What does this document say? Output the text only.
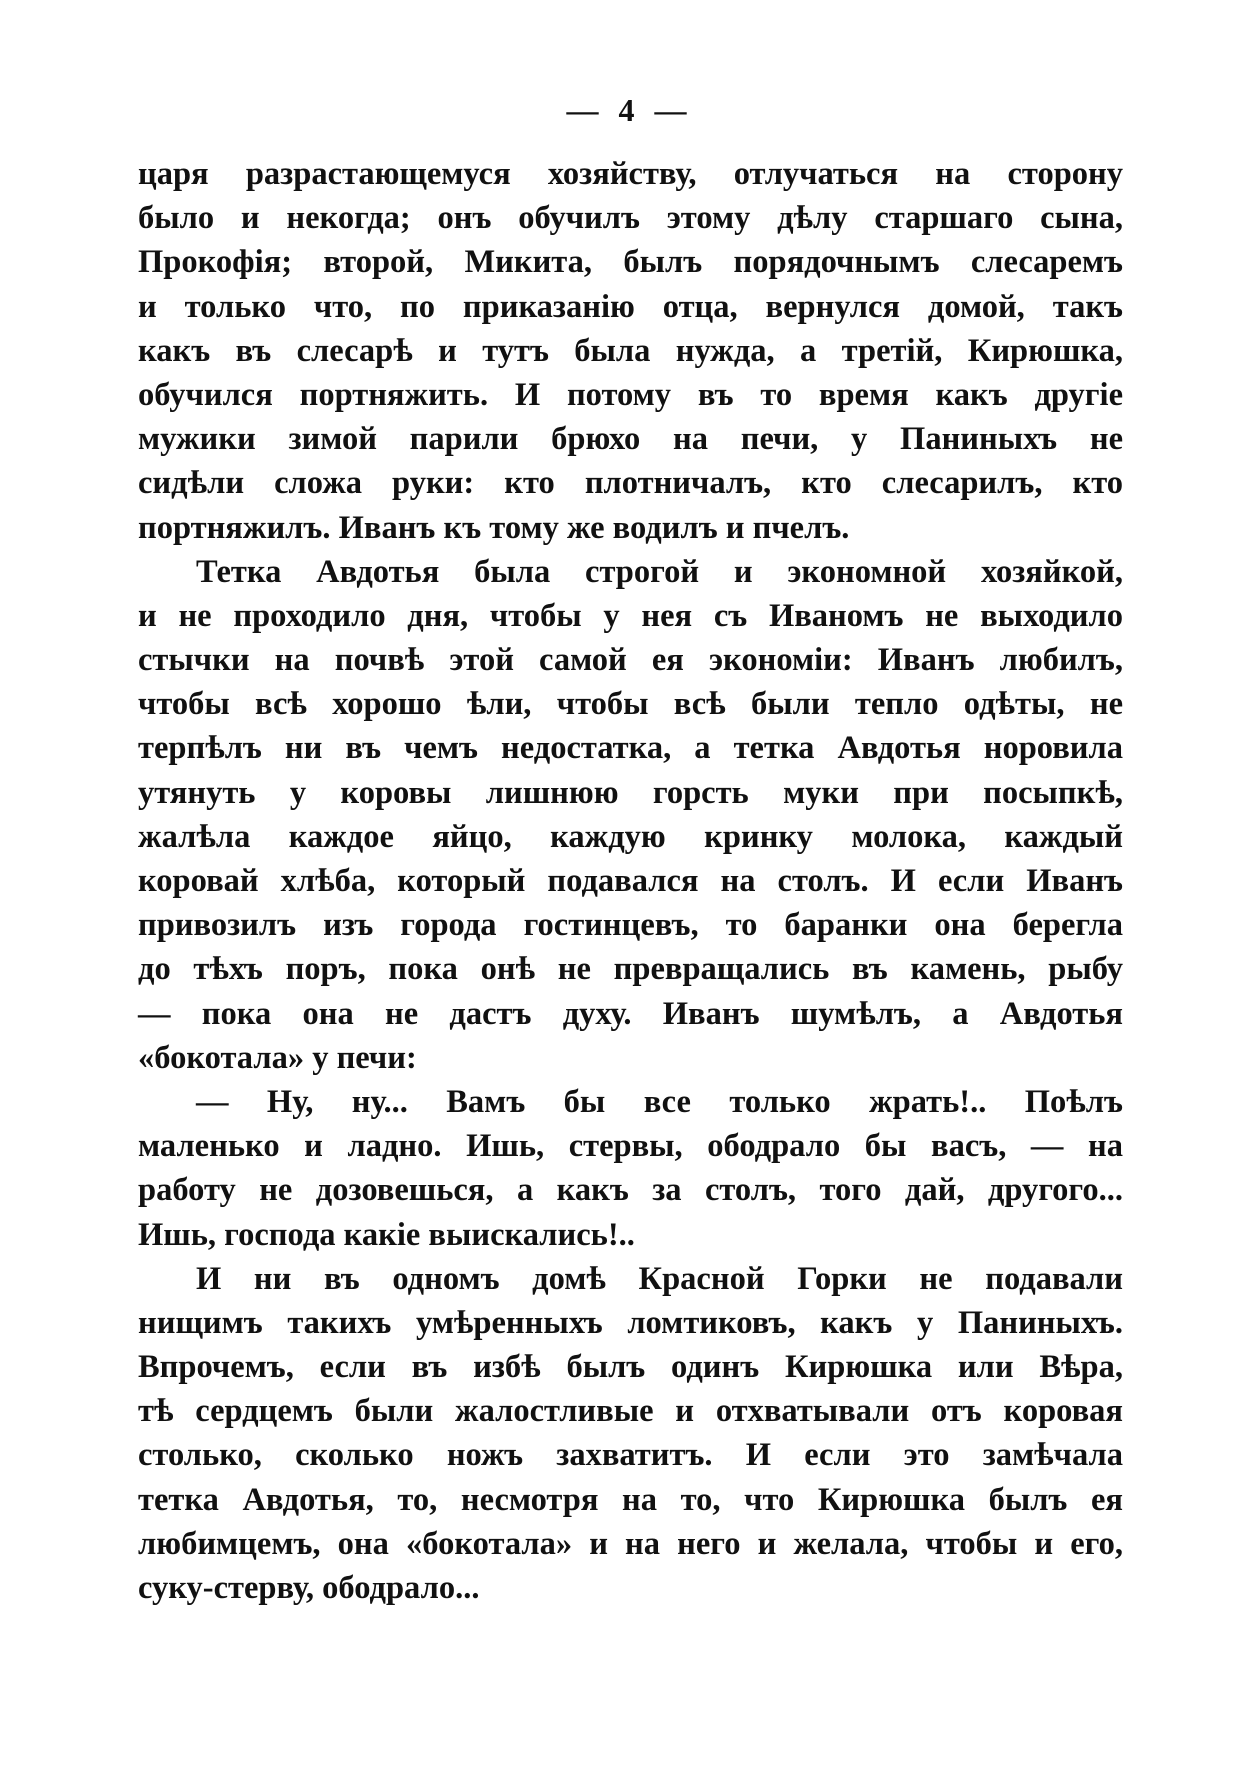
— 4 —
царя разрастающемуся хозяйству, отлучаться на сторону
было и некогда; онъ обучилъ этому дѣлу старшаго сына,
Прокофія; второй, Микита, былъ порядочнымъ слесаремъ
и только что, по приказанію отца, вернулся домой, такъ
какъ въ слесарѣ и тутъ была нужда, а третій, Кирюшка,
обучился портняжить. И потому въ то время какъ другіе
мужики зимой парили брюхо на печи, у Паниныхъ не
сидѣли сложа руки: кто плотничалъ, кто слесарилъ, кто
портняжилъ. Иванъ къ тому же водилъ и пчелъ.
Тетка Авдотья была строгой и экономной хозяйкой,
и не проходило дня, чтобы у нея съ Иваномъ не выходило
стычки на почвѣ этой самой ея экономіи: Иванъ любилъ,
чтобы всѣ хорошо ѣли, чтобы всѣ были тепло одѣты, не
терпѣлъ ни въ чемъ недостатка, а тетка Авдотья норовила
утянуть у коровы лишнюю горсть муки при посыпкѣ,
жалѣла каждое яйцо, каждую кринку молока, каждый
коровай хлѣба, который подавался на столъ. И если Иванъ
привозилъ изъ города гостинцевъ, то баранки она берегла
до тѣхъ поръ, пока онѣ не превращались въ камень, рыбу
— пока она не дастъ духу. Иванъ шумѣлъ, а Авдотья
«бокотала» у печи:
— Ну, ну... Вамъ бы все только жрать!.. Поѣлъ
маленько и ладно. Ишь, стервы, ободрало бы васъ, — на
работу не дозовешься, а какъ за столъ, того дай, другого...
Ишь, господа какіе выискались!..
И ни въ одномъ домѣ Красной Горки не подавали
нищимъ такихъ умѣренныхъ ломтиковъ, какъ у Паниныхъ.
Впрочемъ, если въ избѣ былъ одинъ Кирюшка или Вѣра,
тѣ сердцемъ были жалостливые и отхватывали отъ коровая
столько, сколько ножъ захватитъ. И если это замѣчала
тетка Авдотья, то, несмотря на то, что Кирюшка былъ ея
любимцемъ, она «бокотала» и на него и желала, чтобы и его,
суку-стерву, ободрало...
